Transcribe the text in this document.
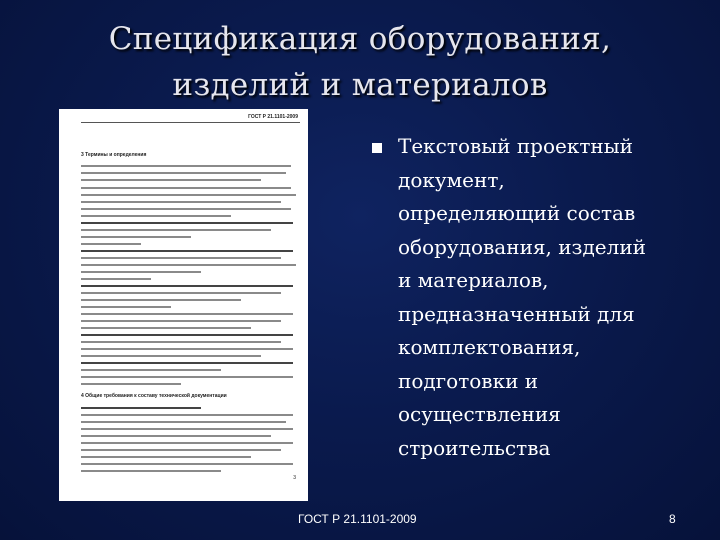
Спецификация оборудования,
изделий и материалов
ГОСТ Р 21.1101-2009
3 Термины и определения
4 Общие требования к составу технической документации
3
Текстовый проектный
документ,
определяющий состав
оборудования, изделий
и материалов,
предназначенный для
комплектования,
подготовки и
осуществления
строительства
ГОСТ Р 21.1101-2009	8
